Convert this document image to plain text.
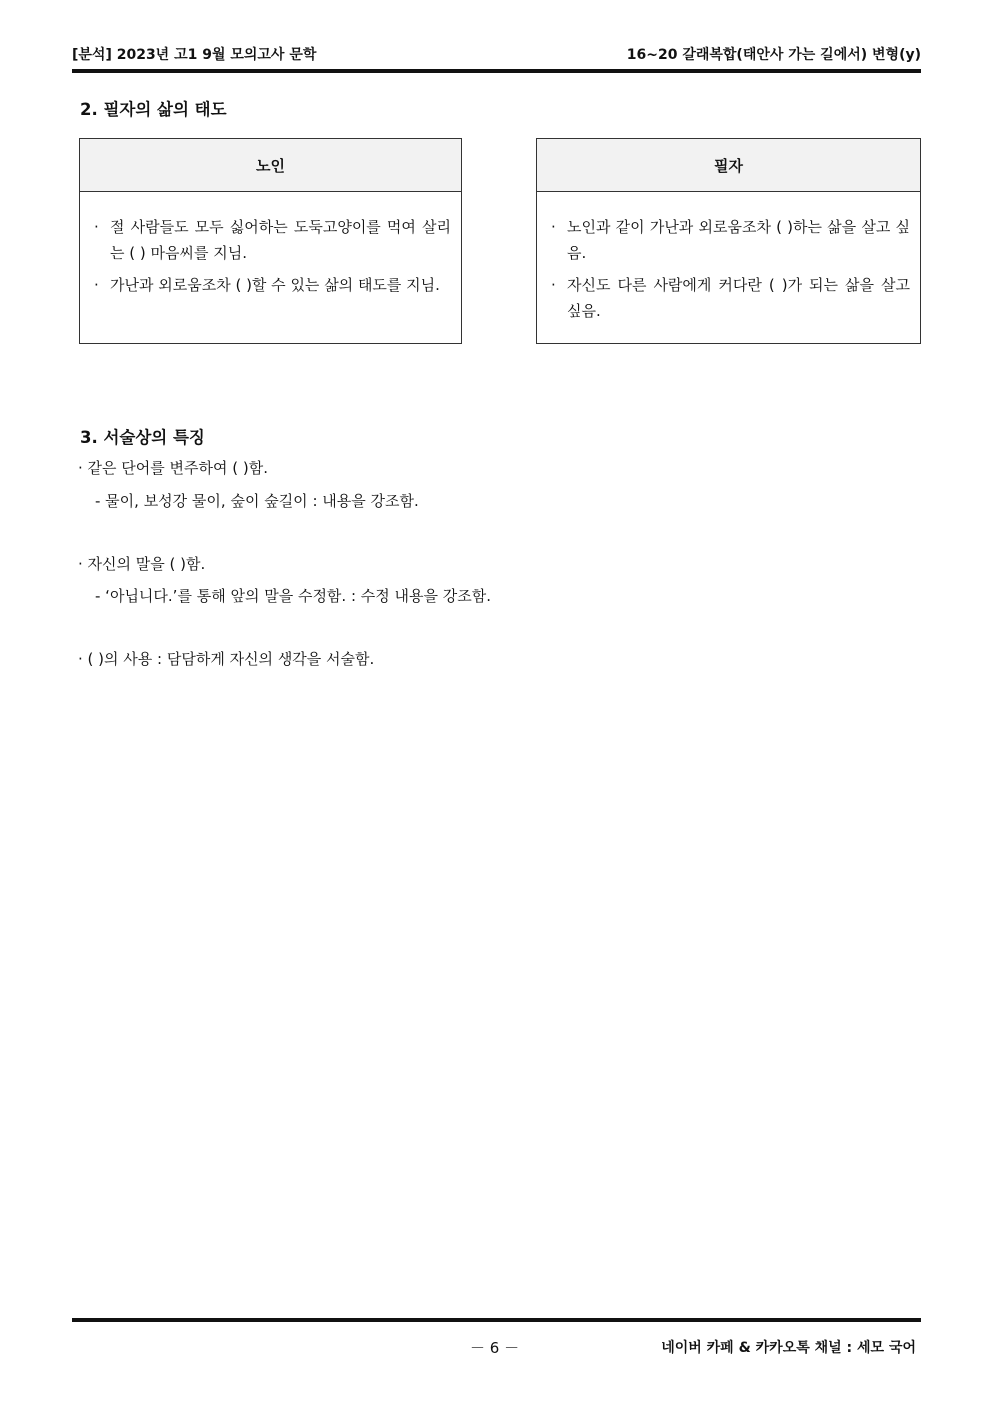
[분석] 2023년 고1 9월 모의고사 문학	16~20 갈래복합(태안사 가는 길에서) 변형(y)
2. 필자의 삶의 태도
노인
· 절 사람들도 모두 싫어하는 도둑고양이를 먹여 살리는 ( ) 마음씨를 지님.
· 가난과 외로움조차 ( )할 수 있는 삶의 태도를 지님.
필자
· 노인과 같이 가난과 외로움조차 ( )하는 삶을 살고 싶음.
· 자신도 다른 사람에게 커다란 ( )가 되는 삶을 살고 싶음.
3. 서술상의 특징
· 같은 단어를 변주하여 ( )함.
- 물이, 보성강 물이, 숲이 숲길이 : 내용을 강조함.
· 자신의 말을 ( )함.
- ‘아닙니다.’를 통해 앞의 말을 수정함. : 수정 내용을 강조함.
· ( )의 사용 : 담담하게 자신의 생각을 서술함.
－ 6 －	네이버 카페 & 카카오톡 채널 : 세모 국어
